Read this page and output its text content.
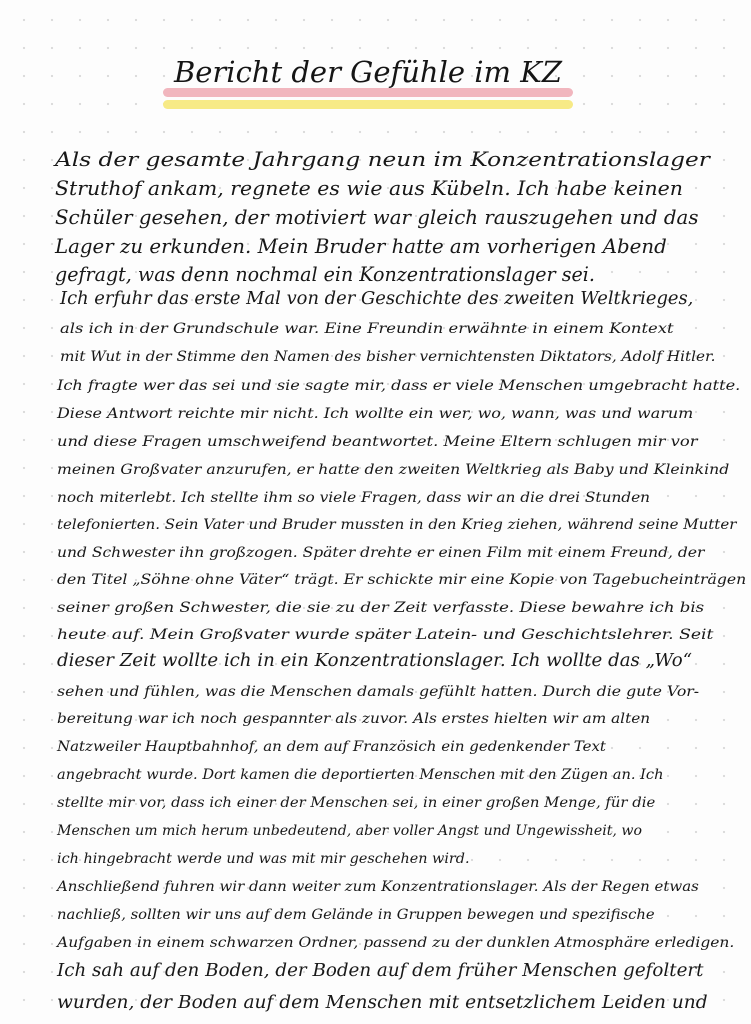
Bericht der Gefühle im KZ
Als der gesamte Jahrgang neun im Konzentrationslager
Struthof ankam, regnete es wie aus Kübeln. Ich habe keinen
Schüler gesehen, der motiviert war gleich rauszugehen und das
Lager zu erkunden. Mein Bruder hatte am vorherigen Abend
gefragt, was denn nochmal ein Konzentrationslager sei.
Ich erfuhr das erste Mal von der Geschichte des zweiten Weltkrieges,
als ich in der Grundschule war. Eine Freundin erwähnte in einem Kontext
mit Wut in der Stimme den Namen des bisher vernichtensten Diktators, Adolf Hitler.
Ich fragte wer das sei und sie sagte mir, dass er viele Menschen umgebracht hatte.
Diese Antwort reichte mir nicht. Ich wollte ein wer, wo, wann, was und warum
und diese Fragen umschweifend beantwortet. Meine Eltern schlugen mir vor
meinen Großvater anzurufen, er hatte den zweiten Weltkrieg als Baby und Kleinkind
noch miterlebt. Ich stellte ihm so viele Fragen, dass wir an die drei Stunden
telefonierten. Sein Vater und Bruder mussten in den Krieg ziehen, während seine Mutter
und Schwester ihn großzogen. Später drehte er einen Film mit einem Freund, der
den Titel „Söhne ohne Väter“ trägt. Er schickte mir eine Kopie von Tagebucheinträgen
seiner großen Schwester, die sie zu der Zeit verfasste. Diese bewahre ich bis
heute auf. Mein Großvater wurde später Latein- und Geschichtslehrer. Seit
dieser Zeit wollte ich in ein Konzentrationslager. Ich wollte das „Wo“
sehen und fühlen, was die Menschen damals gefühlt hatten. Durch die gute Vor-
bereitung war ich noch gespannter als zuvor. Als erstes hielten wir am alten
Natzweiler Hauptbahnhof, an dem auf Französich ein gedenkender Text
angebracht wurde. Dort kamen die deportierten Menschen mit den Zügen an. Ich
stellte mir vor, dass ich einer der Menschen sei, in einer großen Menge, für die
Menschen um mich herum unbedeutend, aber voller Angst und Ungewissheit, wo
ich hingebracht werde und was mit mir geschehen wird.
Anschließend fuhren wir dann weiter zum Konzentrationslager. Als der Regen etwas
nachließ, sollten wir uns auf dem Gelände in Gruppen bewegen und spezifische
Aufgaben in einem schwarzen Ordner, passend zu der dunklen Atmosphäre erledigen.
Ich sah auf den Boden, der Boden auf dem früher Menschen gefoltert
wurden, der Boden auf dem Menschen mit entsetzlichem Leiden und
